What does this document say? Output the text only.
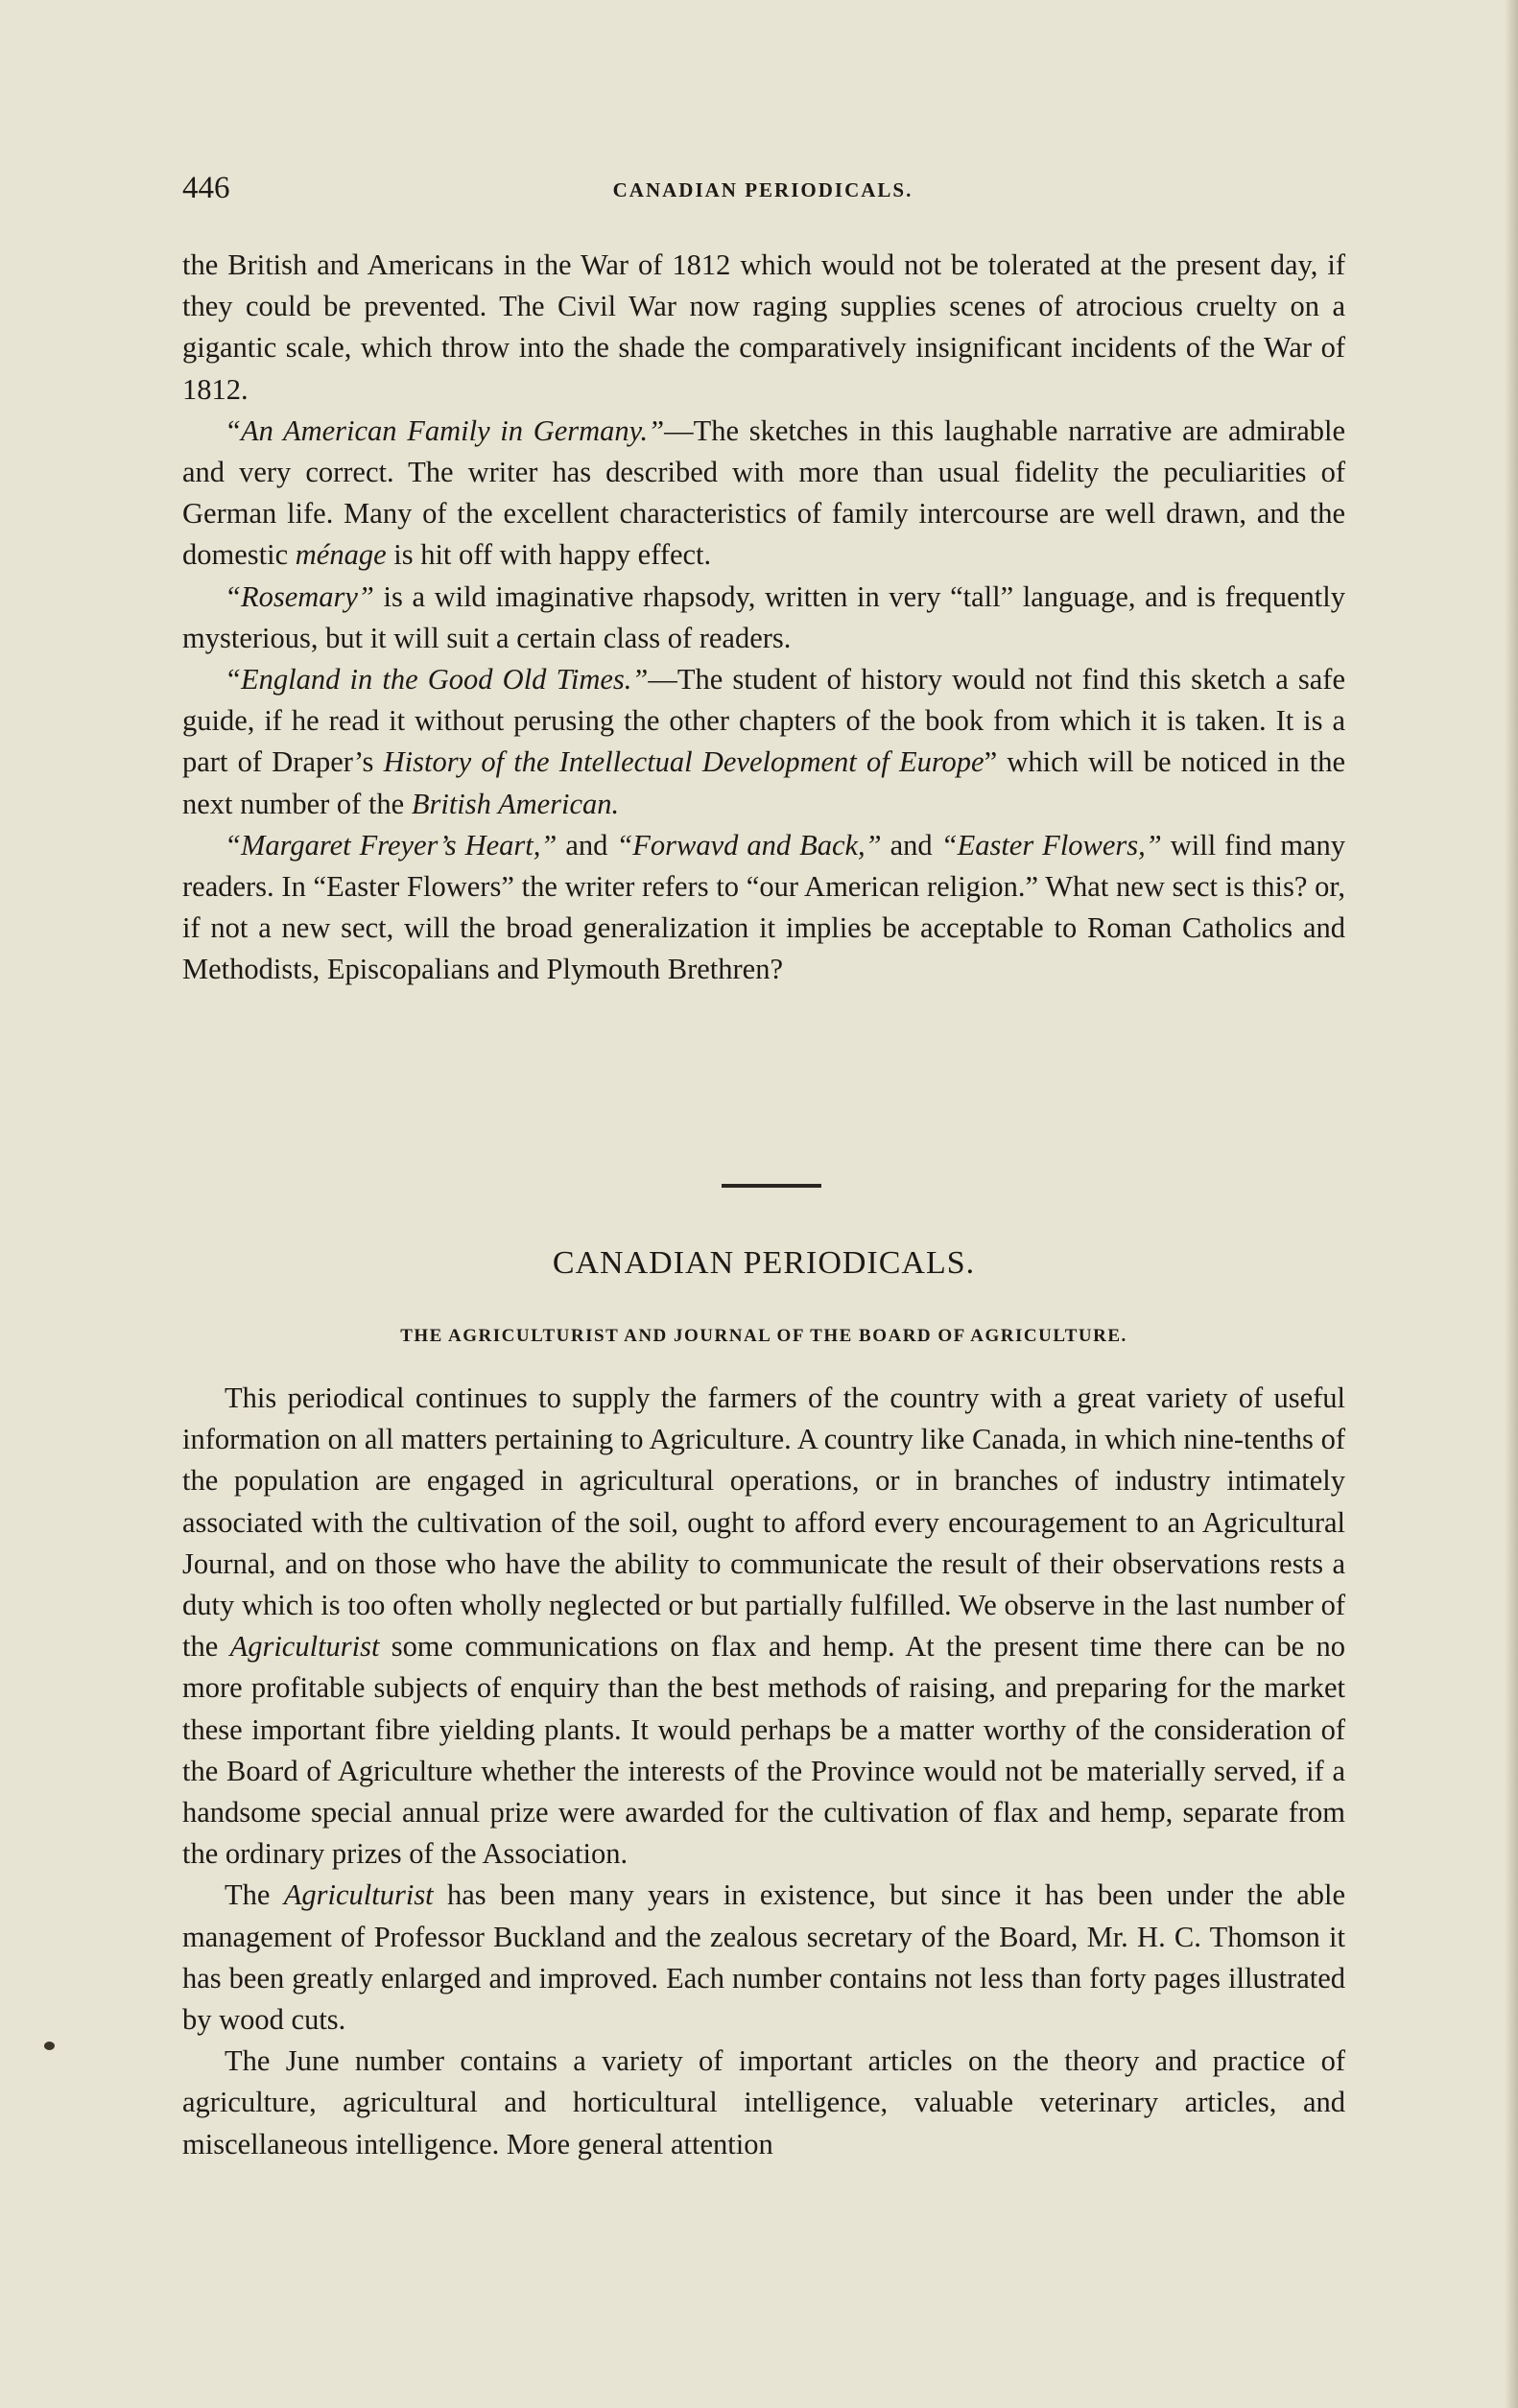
446	CANADIAN PERIODICALS.

the British and Americans in the War of 1812 which would not be tolerated at the present day, if they could be prevented. The Civil War now raging supplies scenes of atrocious cruelty on a gigantic scale, which throw into the shade the comparatively insignificant incidents of the War of 1812.

“An American Family in Germany.”—The sketches in this laughable narrative are admirable and very correct. The writer has described with more than usual fidelity the peculiarities of German life. Many of the excellent characteristics of family intercourse are well drawn, and the domestic ménage is hit off with happy effect.

“Rosemary” is a wild imaginative rhapsody, written in very “tall” language, and is frequently mysterious, but it will suit a certain class of readers.

“England in the Good Old Times.”—The student of history would not find this sketch a safe guide, if he read it without perusing the other chapters of the book from which it is taken. It is a part of Draper’s History of the Intellectual Development of Europe” which will be noticed in the next number of the British American.

“Margaret Freyer’s Heart,” and “Forwavd and Back,” and “Easter Flowers,” will find many readers. In “Easter Flowers” the writer refers to “our American religion.” What new sect is this? or, if not a new sect, will the broad generalization it implies be acceptable to Roman Catholics and Methodists, Episcopalians and Plymouth Brethren?

CANADIAN PERIODICALS.
THE AGRICULTURIST AND JOURNAL OF THE BOARD OF AGRICULTURE.

This periodical continues to supply the farmers of the country with a great variety of useful information on all matters pertaining to Agriculture. A country like Canada, in which nine-tenths of the population are engaged in agricultural operations, or in branches of industry intimately associated with the cultivation of the soil, ought to afford every encouragement to an Agricultural Journal, and on those who have the ability to communicate the result of their observations rests a duty which is too often wholly neglected or but partially fulfilled. We observe in the last number of the Agriculturist some communications on flax and hemp. At the present time there can be no more profitable subjects of enquiry than the best methods of raising, and preparing for the market these important fibre yielding plants. It would perhaps be a matter worthy of the consideration of the Board of Agriculture whether the interests of the Province would not be materially served, if a handsome special annual prize were awarded for the cultivation of flax and hemp, separate from the ordinary prizes of the Association.

The Agriculturist has been many years in existence, but since it has been under the able management of Professor Buckland and the zealous secretary of the Board, Mr. H. C. Thomson it has been greatly enlarged and improved. Each number contains not less than forty pages illustrated by wood cuts.

The June number contains a variety of important articles on the theory and practice of agriculture, agricultural and horticultural intelligence, valuable veterinary articles, and miscellaneous intelligence. More general attention
